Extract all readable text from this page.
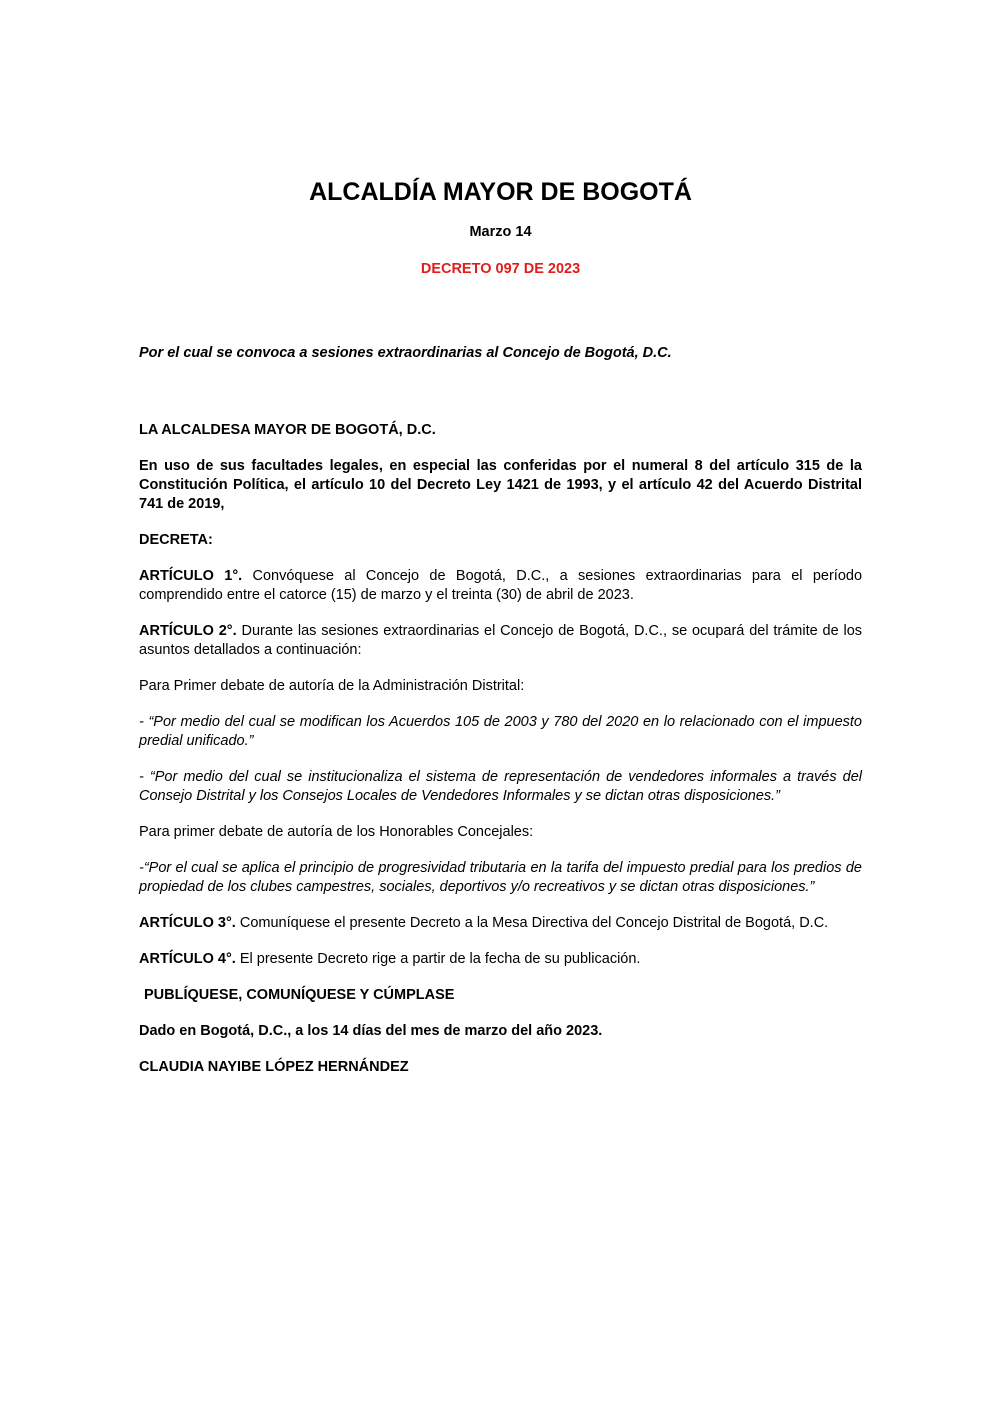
ALCALDÍA MAYOR DE BOGOTÁ

Marzo 14

DECRETO 097 DE 2023

Por el cual se convoca a sesiones extraordinarias al Concejo de Bogotá, D.C.

LA ALCALDESA MAYOR DE BOGOTÁ, D.C.

En uso de sus facultades legales, en especial las conferidas por el numeral 8 del artículo 315 de la Constitución Política, el artículo 10 del Decreto Ley 1421 de 1993, y el artículo 42 del Acuerdo Distrital 741 de 2019,

DECRETA:

ARTÍCULO 1°. Convóquese al Concejo de Bogotá, D.C., a sesiones extraordinarias para el período comprendido entre el catorce (15) de marzo y el treinta (30) de abril de 2023.

ARTÍCULO 2°. Durante las sesiones extraordinarias el Concejo de Bogotá, D.C., se ocupará del trámite de los asuntos detallados a continuación:

Para Primer debate de autoría de la Administración Distrital:

- “Por medio del cual se modifican los Acuerdos 105 de 2003 y 780 del 2020 en lo relacionado con el impuesto predial unificado.”

- “Por medio del cual se institucionaliza el sistema de representación de vendedores informales a través del Consejo Distrital y los Consejos Locales de Vendedores Informales y se dictan otras disposiciones.”

Para primer debate de autoría de los Honorables Concejales:

-“Por el cual se aplica el principio de progresividad tributaria en la tarifa del impuesto predial para los predios de propiedad de los clubes campestres, sociales, deportivos y/o recreativos y se dictan otras disposiciones.”

ARTÍCULO 3°. Comuníquese el presente Decreto a la Mesa Directiva del Concejo Distrital de Bogotá, D.C.

ARTÍCULO 4°. El presente Decreto rige a partir de la fecha de su publicación.

PUBLÍQUESE, COMUNÍQUESE Y CÚMPLASE

Dado en Bogotá, D.C., a los 14 días del mes de marzo del año 2023.

CLAUDIA NAYIBE LÓPEZ HERNÁNDEZ
